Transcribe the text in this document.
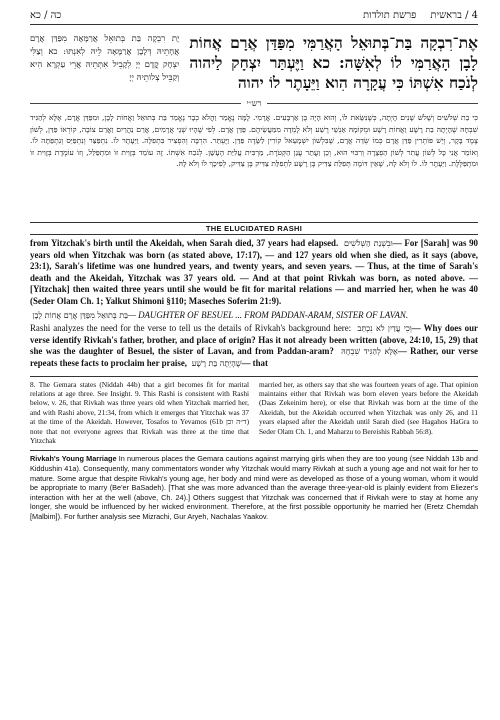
כה / כא	פרשת תולדות 4 / בראשית
יָת רִבְקָה בַּת בְּתוּאֵל אֲרַמָּאָה מִפַּדַּן אֲרָם אֲחָתֵיהּ דְּלָבָן אֲרַמָּאָה לֵיהּ לְאִנְתּוּ: כא וְצַלִּי יִצְחָק קֳדָם יְיָ לְקָבֵיל אִתְּתֵיהּ אֲרֵי עַקְרָא הִיא וְקַבֵּיל צְלוֹתֵיהּ יְיָ
אֶת־רִבְקָה בַּת־בְּתוּאֵל הָאֲרַמִּי מִפַּדַּן אֲרָם אֲחוֹת לָבָן הָאֲרַמִּי לוֹ לְאִשָּׁה: כא וַיֶּעְתַּר יִצְחָק לַיהוה לְנֹכַח אִשְׁתּוֹ כִּי עֲקָרָה הִוא וַיֵּעָתֶר לוֹ יהוה
רש״י
כִּי בַת שְׁלֹשִׁים וְשָׁלֹשׁ שָׁנִים הָיְתָה, כְּשֶׁנִּשֵּׂאת לוֹ, וְהוּא הָיָה בֶּן אַרְבָּעִים. אֲרָמִי. לָמָּה נֶאֱמַר וַהֲלֹא כְבָר נֶאֱמַר בַּת בְּתוּאֵל וַאֲחוֹת לָבָן, וּמִפַּדַּן אֲרָם, אֶלָּא לְהַגִּיד שִׁבְחָהּ שֶׁהָיְתָה בַת רָשָׁע וַאֲחוֹת רָשָׁע וּמְקוֹמָהּ אַנְשֵׁי רֶשַׁע וְלֹא לָמְדָה מִמַּעֲשֵׂיהֶם. פַּדַּן אֲרָם. לְפִי שֶׁהָיוּ שְׁנֵי אֲרָמִים, אֲרַם נַהֲרַיִם וַאֲרַם צוֹבָה, קוֹרְאוֹ פַּדַּן, לְשׁוֹן צֶמֶד בָּקָר, וְיֵשׁ פּוֹתְרִין פַּדַּן אֲרָם כְּמוֹ שְׂדֵה אֲרָם, שֶׁבִּלְשׁוֹן יִשְׁמָעֵאל קוֹרִין לַשָּׂדֶה פַּדַּן. וַיֶּעְתַּר. הִרְבָּה וְהִפְצִיר בִּתְפִלָּה. וַיֵּעָתֶר לוֹ. נִתְפַּצַּר וְנִתְפַּיֵּס וְנִתְפַּתָּה לוֹ. וְאוֹמֵר אֲנִי כָּל לְשׁוֹן עֲתִר לְשׁוֹן הַפְצָרָה וְרִבּוּי הוּא, וְכֵן וַעֲתַר עֲנַן הַקְּטֹרֶת, מַרְבִּית עֲלִיַּת הֶעָשָׁן. לְנֹכַח אִשְׁתּוֹ. זֶה עוֹמֵד בְּזָוִית זוֹ וּמִתְפַּלֵּל, וְזוֹ עוֹמֶדֶת בְּזָוִית זוֹ וּמִתְפַּלֶּלֶת. וַיֵּעָתֶר לוֹ. לוֹ וְלֹא לָהּ, שֶׁאֵין דּוֹמָה תְּפִלַּת צַדִּיק בֶּן רָשָׁע לִתְפִלַּת צַדִּיק בֶּן צַדִּיק, לְפִיכָךְ לוֹ וְלֹא לָהּ.
THE ELUCIDATED RASHI

from Yitzchak's birth until the Akeidah, when Sarah died, 37 years had elapsed. וּבִשְׁנַת הַשְּׁלֹשִׁים — For [Sarah] was 90 years old when Yitzchak was born (as stated above, 17:17), — and 127 years old when she died, as it says (above, 23:1), Sarah's lifetime was one hundred years, and twenty years, and seven years. — Thus, at the time of Sarah's death and the Akeidah, Yitzchak was 37 years old. — And at that point Rivkah was born, as noted above. — [Yitzchak] then waited three years until she would be fit for marital relations — and married her, when he was 40 (Seder Olam Ch. 1; Yalkut Shimoni §110; Maseches Soferim 21:9).

בַּת בְּתוּאֵל מִפַּדַּן אֲרָם אֲחוֹת לָבָן — DAUGHTER OF BESUEL ... FROM PADDAN-ARAM, SISTER OF LAVAN.

Rashi analyzes the need for the verse to tell us the details of Rivkah's background here: וְכִי עֲדַיִן לֹא נִכְתַּב — Why does our verse identify Rivkah's father, brother, and place of origin? Has it not already been written (above, 24:10, 15, 29) that she was the daughter of Besuel, the sister of Lavan, and from Paddan-aram? אֶלָּא לְהַגִּיד שִׁבְחָהּ — Rather, our verse repeats these facts to proclaim her praise, שֶׁהָיְתָה בַּת רָשָׁע — that

8. The Gemara states (Niddah 44b) that a girl becomes fit for marital relations at age three. See Insight. 9. This Rashi is consistent with Rashi below, v. 26, that Rivkah was three years old when Yitzchak married her, and with Rashi above, 21:34, from which it emerges that Yitzchak was 37 at the time of the Akeidah. However, Tosafos to Yevamos (61b ד״ה וכן) note that not everyone agrees that Rivkah was three at the time that Yitzchak
married her, as others say that she was fourteen years of age. That opinion maintains either that Rivkah was born eleven years before the Akeidah (Daas Zekeinim here), or else that Rivkah was born at the time of the Akeidah, but the Akeidah occurred when Yitzchak was only 26, and 11 years elapsed after the Akeidah until Sarah died (see Hagahos HaGra to Seder Olam Ch. 1, and Maharzu to Bereishis Rabbah 56:8).
Rivkah's Young Marriage In numerous places the Gemara cautions against marrying girls when they are too young (see Niddah 13b and Kiddushin 41a). Consequently, many commentators wonder why Yitzchak would marry Rivkah at such a young age and not wait for her to mature. Some argue that despite Rivkah's young age, her body and mind were as developed as those of a young woman, whom it would be appropriate to marry (Be'er BaSadeh). [That she was more advanced than the average three-year-old is plainly evident from Eliezer's interaction with her at the well (above, Ch. 24).] Others suggest that Yitzchak was concerned that if Rivkah were to stay at home any longer, she would be influenced by her wicked environment. Therefore, at the first possible opportunity he married her (Eretz Chemdah [Malbim]). For further analysis see Mizrachi, Gur Aryeh, Nachalas Yaakov.
